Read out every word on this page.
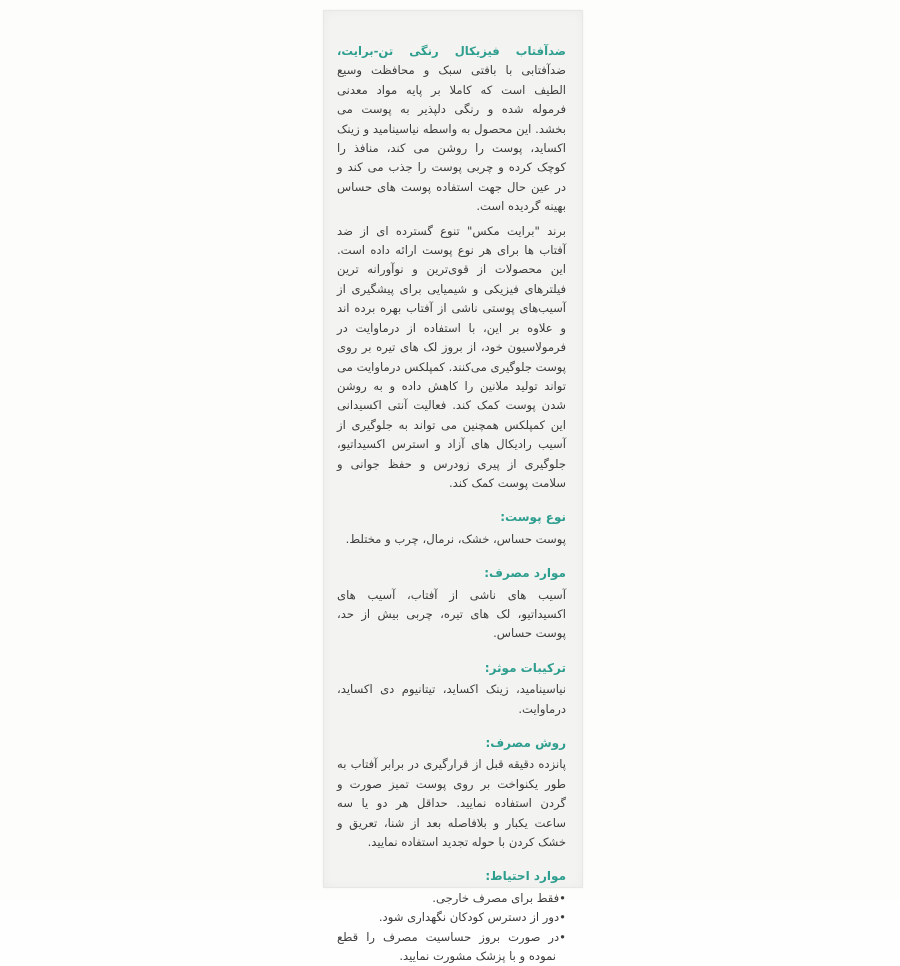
ضدآفتاب فیزیکال رنگی تن-برایت، ضدآفتابی با بافتی سبک و محافظت وسیع الطیف است که کاملا بر پایه مواد معدنی فرموله شده و رنگی دلپذیر به پوست می بخشد. این محصول به واسطه نیاسینامید و زینک اکساید، پوست را روشن می کند، منافذ را کوچک کرده و چربی پوست را جذب می کند و در عین حال جهت استفاده پوست های حساس بهینه گردیده است.

برند "برایت مکس" تنوع گسترده ای از ضد آفتاب ها برای هر نوع پوست ارائه داده است. این محصولات از قوی‌ترین و نوآورانه ترین فیلترهای فیزیکی و شیمیایی برای پیشگیری از آسیب‌های پوستی ناشی از آفتاب بهره برده اند و علاوه بر این، با استفاده از درماوایت در فرمولاسیون خود، از بروز لک های تیره بر روی پوست جلوگیری می‌کنند. کمپلکس درماوایت می تواند تولید ملانین را کاهش داده و به روشن شدن پوست کمک کند. فعالیت آنتی اکسیدانی این کمپلکس همچنین می تواند به جلوگیری از آسیب رادیکال های آزاد و استرس اکسیداتیو، جلوگیری از پیری زودرس و حفظ جوانی و سلامت پوست کمک کند.

نوع پوست:

پوست حساس، خشک، نرمال، چرب و مختلط.

موارد مصرف:

آسیب های ناشی از آفتاب، آسیب های اکسیداتیو، لک های تیره، چربی بیش از حد، پوست حساس.

ترکیبات موثر:

نیاسینامید، زینک اکساید، تیتانیوم دی اکساید، درماوایت.

روش مصرف:

پانزده دقیقه قبل از قرارگیری در برابر آفتاب به طور یکنواخت بر روی پوست تمیز صورت و گردن استفاده نمایید. حداقل هر دو یا سه ساعت یکبار و بلافاصله بعد از شنا، تعریق و خشک کردن با حوله تجدید استفاده نمایید.

موارد احتیاط:
•فقط برای مصرف خارجی.
•دور از دسترس کودکان نگهداری شود.
•در صورت بروز حساسیت مصرف را قطع نموده و با پزشک مشورت نمایید.
